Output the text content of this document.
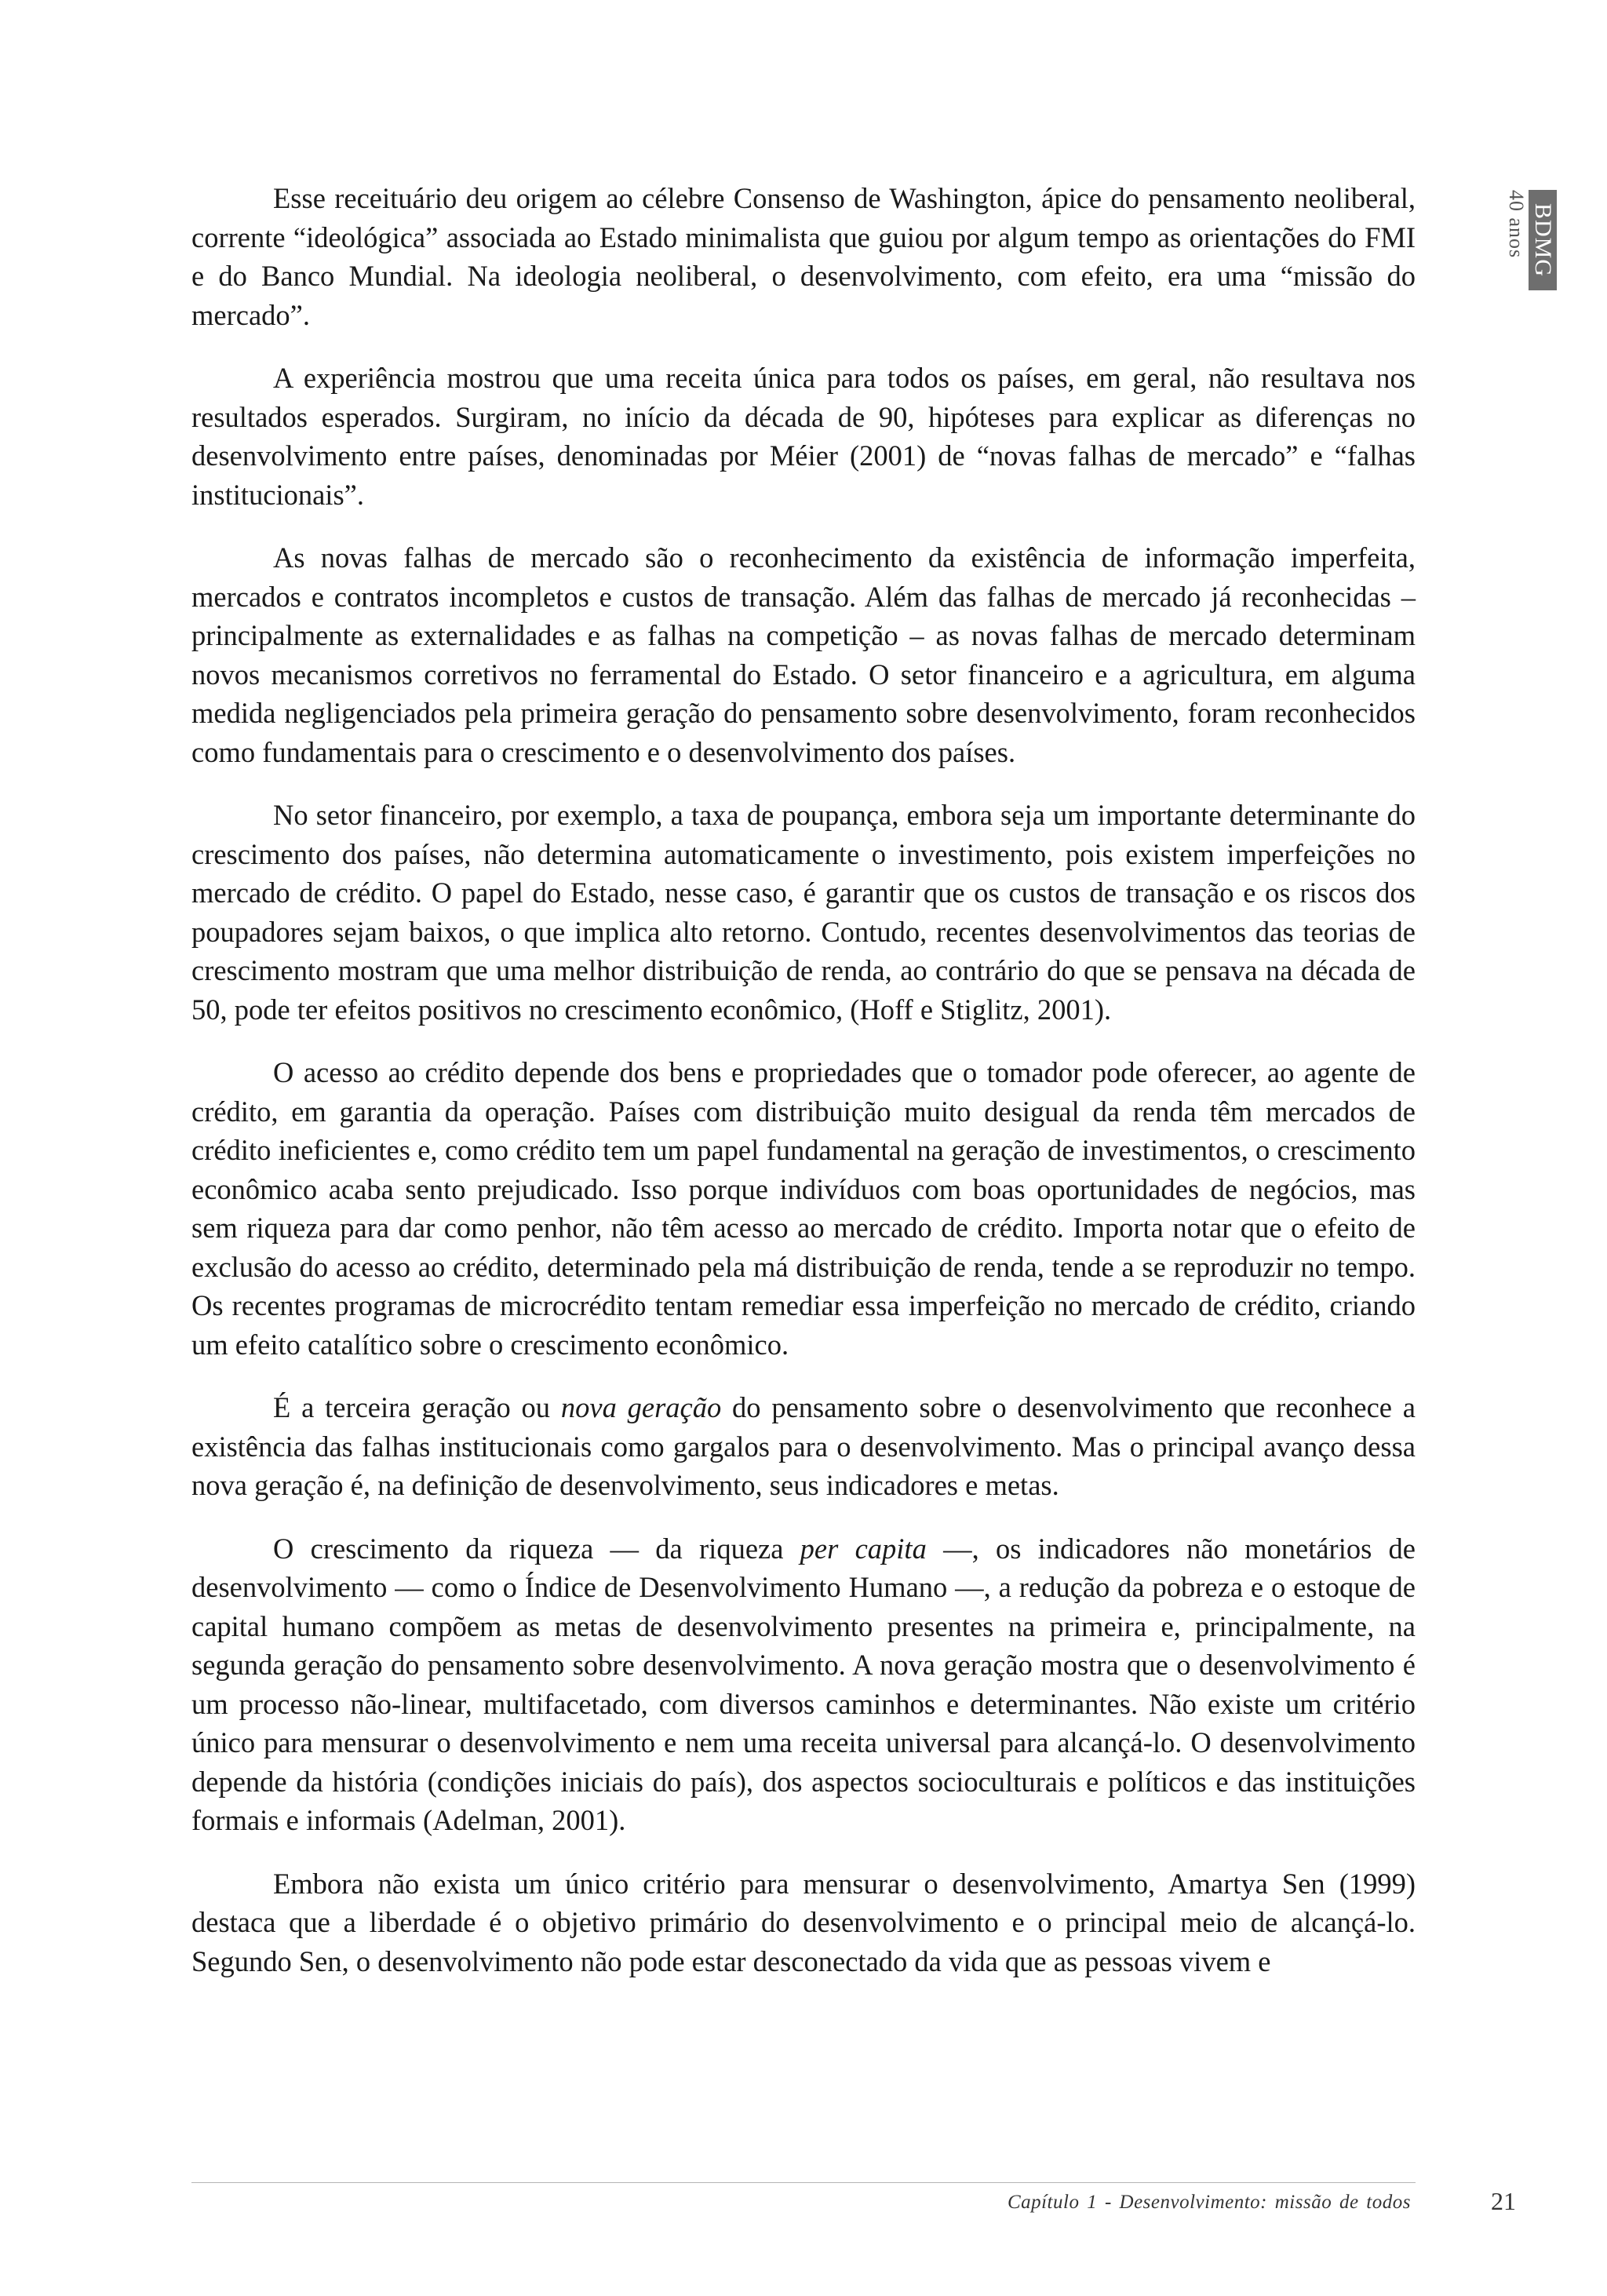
BDMG
40 anos

Esse receituário deu origem ao célebre Consenso de Washington, ápice do pensamento neoliberal, corrente “ideológica” associada ao Estado minimalista que guiou por algum tempo as orientações do FMI e do Banco Mundial. Na ideologia neoliberal, o desenvolvimento, com efeito, era uma “missão do mercado”.

A experiência mostrou que uma receita única para todos os países, em geral, não resultava nos resultados esperados. Surgiram, no início da década de 90, hipóteses para explicar as diferenças no desenvolvimento entre países, denominadas por Méier (2001) de “novas falhas de mercado” e “falhas institucionais”.

As novas falhas de mercado são o reconhecimento da existência de informação imperfeita, mercados e contratos incompletos e custos de transação. Além das falhas de mercado já reconhecidas – principalmente as externalidades e as falhas na competição – as novas falhas de mercado determinam novos mecanismos corretivos no ferramental do Estado. O setor financeiro e a agricultura, em alguma medida negligenciados pela primeira geração do pensamento sobre desenvolvimento, foram reconhecidos como fundamentais para o crescimento e o desenvolvimento dos países.

No setor financeiro, por exemplo, a taxa de poupança, embora seja um importante determinante do crescimento dos países, não determina automaticamente o investimento, pois existem imperfeições no mercado de crédito. O papel do Estado, nesse caso, é garantir que os custos de transação e os riscos dos poupadores sejam baixos, o que implica alto retorno. Contudo, recentes desenvolvimentos das teorias de crescimento mostram que uma melhor distribuição de renda, ao contrário do que se pensava na década de 50, pode ter efeitos positivos no crescimento econômico, (Hoff e Stiglitz, 2001).

O acesso ao crédito depende dos bens e propriedades que o tomador pode oferecer, ao agente de crédito, em garantia da operação. Países com distribuição muito desigual da renda têm mercados de crédito ineficientes e, como crédito tem um papel fundamental na geração de investimentos, o crescimento econômico acaba sento prejudicado. Isso porque indivíduos com boas oportunidades de negócios, mas sem riqueza para dar como penhor, não têm acesso ao mercado de crédito. Importa notar que o efeito de exclusão do acesso ao crédito, determinado pela má distribuição de renda, tende a se reproduzir no tempo. Os recentes programas de microcrédito tentam remediar essa imperfeição no mercado de crédito, criando um efeito catalítico sobre o crescimento econômico.

É a terceira geração ou nova geração do pensamento sobre o desenvolvimento que reconhece a existência das falhas institucionais como gargalos para o desenvolvimento. Mas o principal avanço dessa nova geração é, na definição de desenvolvimento, seus indicadores e metas.

O crescimento da riqueza — da riqueza per capita —, os indicadores não monetários de desenvolvimento — como o Índice de Desenvolvimento Humano —, a redução da pobreza e o estoque de capital humano compõem as metas de desenvolvimento presentes na primeira e, principalmente, na segunda geração do pensamento sobre desenvolvimento. A nova geração mostra que o desenvolvimento é um processo não-linear, multifacetado, com diversos caminhos e determinantes. Não existe um critério único para mensurar o desenvolvimento e nem uma receita universal para alcançá-lo. O desenvolvimento depende da história (condições iniciais do país), dos aspectos socioculturais e políticos e das instituições formais e informais (Adelman, 2001).

Embora não exista um único critério para mensurar o desenvolvimento, Amartya Sen (1999) destaca que a liberdade é o objetivo primário do desenvolvimento e o principal meio de alcançá-lo. Segundo Sen, o desenvolvimento não pode estar desconectado da vida que as pessoas vivem e

Capítulo 1 - Desenvolvimento: missão de todos	21
